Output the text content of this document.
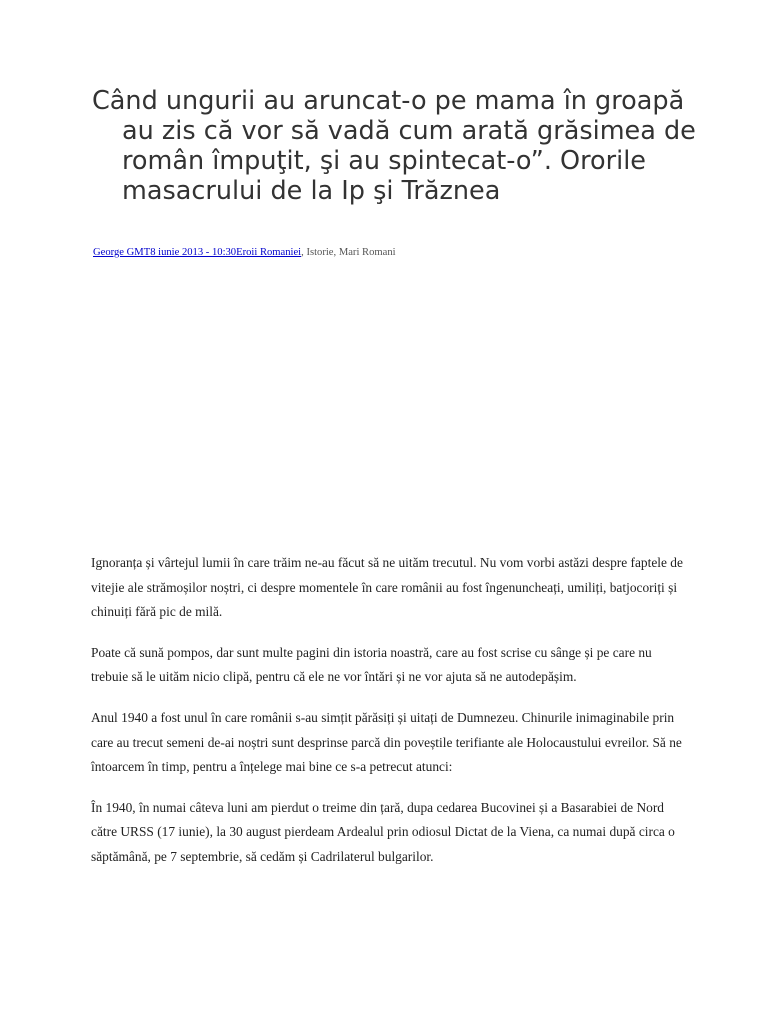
Când ungurii au aruncat-o pe mama în groapă au zis că vor să vadă cum arată grăsimea de român împuţit, şi au spintecat-o”. Ororile masacrului de la Ip şi Trăznea
George GMT8 iunie 2013 - 10:30Eroii Romaniei, Istorie, Mari Romani

Ignoranța și vârtejul lumii în care trăim ne-au făcut să ne uităm trecutul. Nu vom vorbi astăzi despre faptele de vitejie ale strămoșilor noștri, ci despre momentele în care românii au fost îngenuncheați, umiliți, batjocoriți și chinuiți fără pic de milă.

Poate că sună pompos, dar sunt multe pagini din istoria noastră, care au fost scrise cu sânge și pe care nu trebuie să le uităm nicio clipă, pentru că ele ne vor întări și ne vor ajuta să ne autodepășim.

Anul 1940 a fost unul în care românii s-au simțit părăsiți și uitați de Dumnezeu. Chinurile inimaginabile prin care au trecut semeni de-ai noștri sunt desprinse parcă din poveștile terifiante ale Holocaustului evreilor. Să ne întoarcem în timp, pentru a înțelege mai bine ce s-a petrecut atunci:

În 1940, în numai câteva luni am pierdut o treime din țară, dupa cedarea Bucovinei și a Basarabiei de Nord către URSS (17 iunie), la 30 august pierdeam Ardealul prin odiosul Dictat de la Viena, ca numai după circa o săptămână, pe 7 septembrie, să cedăm și Cadrilaterul bulgarilor.
